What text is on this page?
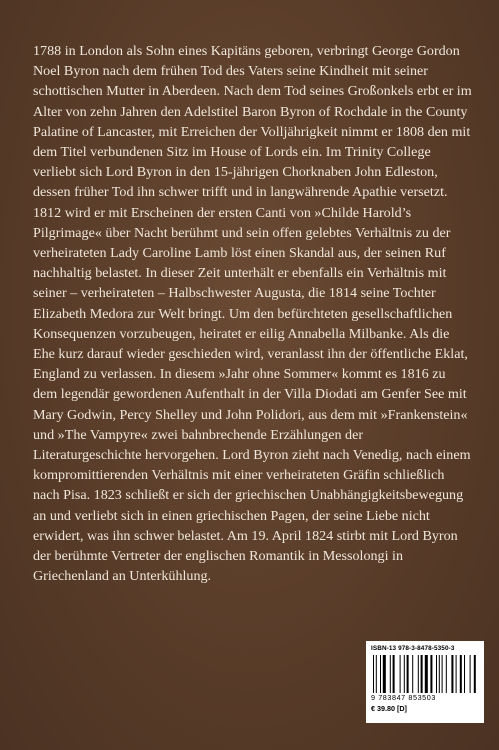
1788 in London als Sohn eines Kapitäns geboren, verbringt George Gordon Noel Byron nach dem frühen Tod des Vaters seine Kindheit mit seiner schottischen Mutter in Aberdeen. Nach dem Tod seines Großonkels erbt er im Alter von zehn Jahren den Adelstitel Baron Byron of Rochdale in the County Palatine of Lancaster, mit Erreichen der Volljährigkeit nimmt er 1808 den mit dem Titel verbundenen Sitz im House of Lords ein. Im Trinity College verliebt sich Lord Byron in den 15-jährigen Chorknaben John Edleston, dessen früher Tod ihn schwer trifft und in langwährende Apathie versetzt. 1812 wird er mit Erscheinen der ersten Canti von »Childe Harold’s Pilgrimage« über Nacht berühmt und sein offen gelebtes Verhältnis zu der verheirateten Lady Caroline Lamb löst einen Skandal aus, der seinen Ruf nachhaltig belastet. In dieser Zeit unterhält er ebenfalls ein Verhältnis mit seiner – verheirateten – Halbschwester Augusta, die 1814 seine Tochter Elizabeth Medora zur Welt bringt. Um den befürchteten gesellschaftlichen Konsequenzen vorzubeugen, heiratet er eilig Annabella Milbanke. Als die Ehe kurz darauf wieder geschieden wird, veranlasst ihn der öffentliche Eklat, England zu verlassen. In diesem »Jahr ohne Sommer« kommt es 1816 zu dem legendär gewordenen Aufenthalt in der Villa Diodati am Genfer See mit Mary Godwin, Percy Shelley und John Polidori, aus dem mit »Frankenstein« und »The Vampyre« zwei bahnbrechende Erzählungen der Literaturgeschichte hervorgehen. Lord Byron zieht nach Venedig, nach einem kompromittierenden Verhältnis mit einer verheirateten Gräfin schließlich nach Pisa. 1823 schließt er sich der griechischen Unabhängigkeitsbewegung an und verliebt sich in einen griechischen Pagen, der seine Liebe nicht erwidert, was ihn schwer belastet. Am 19. April 1824 stirbt mit Lord Byron der berühmte Vertreter der englischen Romantik in Messolongi in Griechenland an Unterkühlung.

ISBN-13 978-3-8478-5350-3
9 783847 853503
€ 39.80 [D]
